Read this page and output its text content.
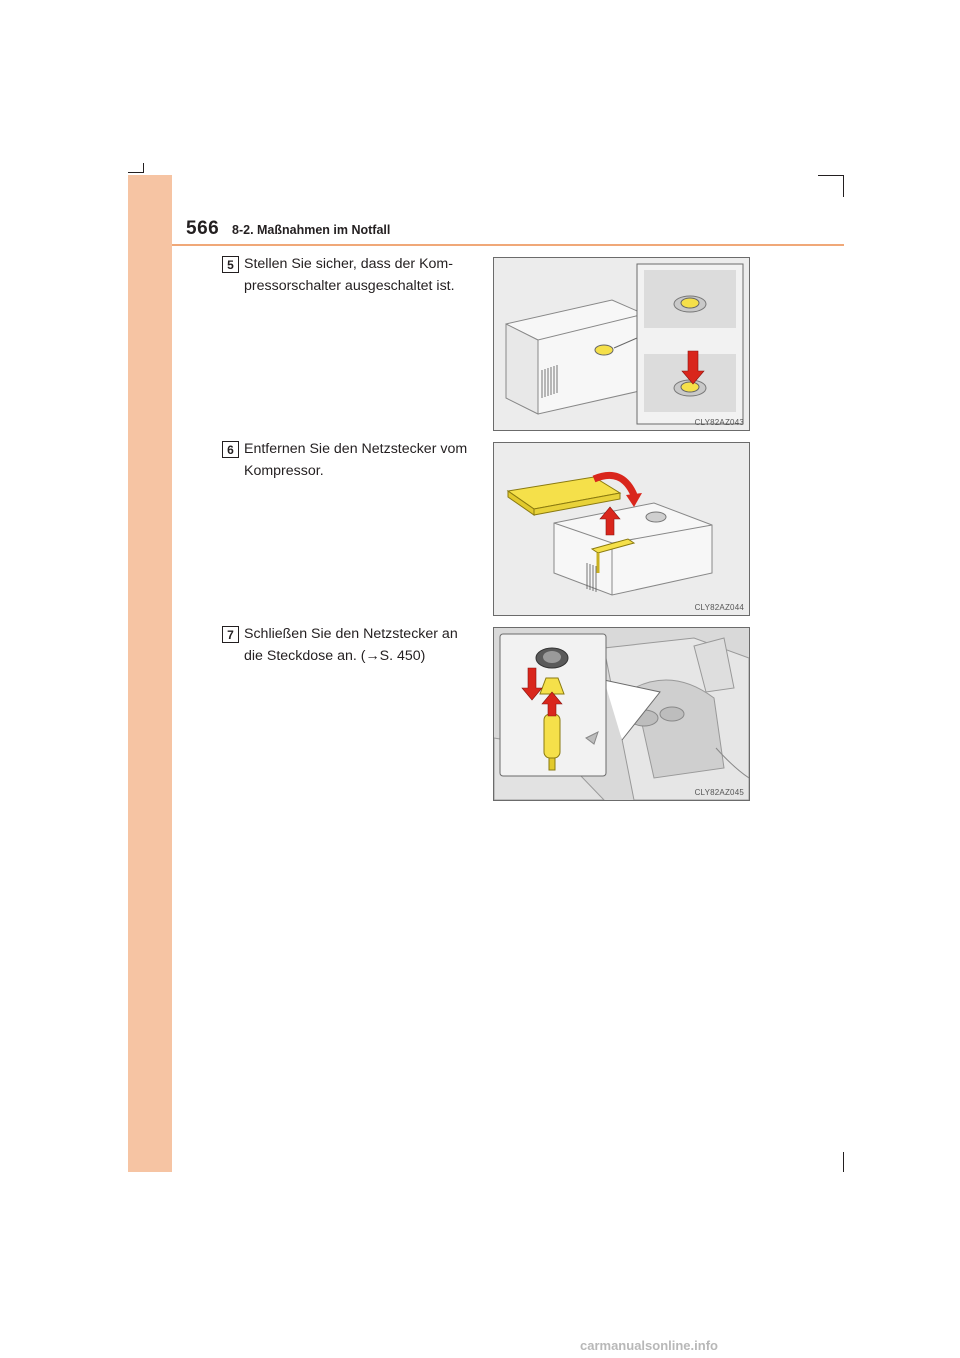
566 8-2. Maßnahmen im Notfall
5 Stellen Sie sicher, dass der Kom-
pressorschalter ausgeschaltet ist.
CLY82AZ043
6 Entfernen Sie den Netzstecker vom
Kompressor.
CLY82AZ044
7 Schließen Sie den Netzstecker an
die Steckdose an. (→S. 450)
CLY82AZ045
carmanualsonline.info
